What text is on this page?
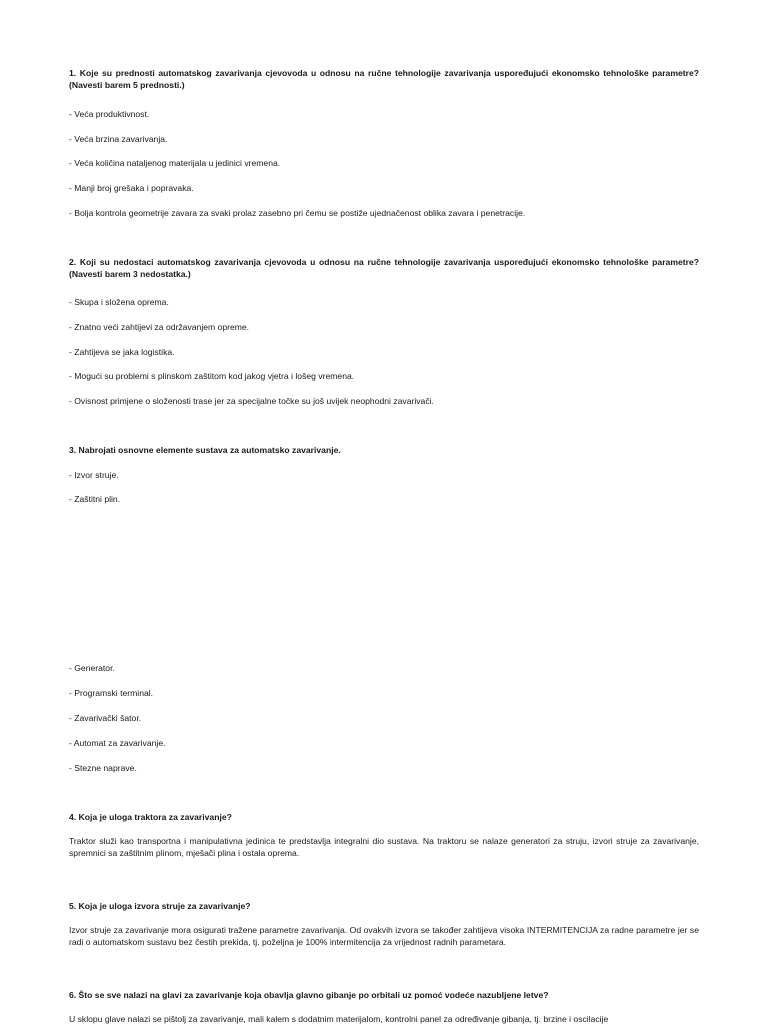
1. Koje su prednosti automatskog zavarivanja cjevovoda u odnosu na ručne tehnologije zavarivanja uspoređujući ekonomsko tehnološke parametre? (Navesti barem 5 prednosti.)

- Veća produktivnost.

- Veća brzina zavarivanja.

- Veća količina nataljenog materijala u jedinici vremena.

- Manji broj grešaka i popravaka.

- Bolja kontrola geometrije zavara za svaki prolaz zasebno pri čemu se postiže ujednačenost oblika zavara i penetracije.

2. Koji su nedostaci automatskog zavarivanja cjevovoda u odnosu na ručne tehnologije zavarivanja uspoređujući ekonomsko tehnološke parametre? (Navesti barem 3 nedostatka.)

- Skupa i složena oprema.

- Znatno veći zahtijevi za održavanjem opreme.

- Zahtijeva se jaka logistika.

- Mogući su problemi s plinskom zaštitom kod jakog vjetra i lošeg vremena.

- Ovisnost primjene o složenosti trase jer za specijalne točke su još uvijek neophodni zavarivači.

3. Nabrojati osnovne elemente sustava za automatsko zavarivanje.

- Izvor struje.

- Zaštitni plin.

- Generator.

- Programski terminal.

- Zavarivački šator.

- Automat za zavarivanje.

- Stezne naprave.

4. Koja je uloga traktora za zavarivanje?

Traktor služi kao transportna i manipulativna jedinica te predstavlja integralni dio sustava. Na traktoru se nalaze generatori za struju, izvori struje za zavarivanje, spremnici sa zaštitnim plinom, mješači plina i ostala oprema.

5. Koja je uloga izvora struje za zavarivanje?

Izvor struje za zavarivanje mora osigurati tražene parametre zavarivanja. Od ovakvih izvora se također zahtijeva visoka INTERMITENCIJA za radne parametre jer se radi o automatskom sustavu bez čestih prekida, tj. poželjna je 100% intermitencija za vrijednost radnih parametara.

6. Što se sve nalazi na glavi za zavarivanje koja obavlja glavno gibanje po orbitali uz pomoć vodeće nazubljene letve?

U sklopu glave nalazi se pištolj za zavarivanje, mali kalem s dodatnim materijalom, kontrolni panel za određivanje gibanja, tj. brzine i oscilacije
